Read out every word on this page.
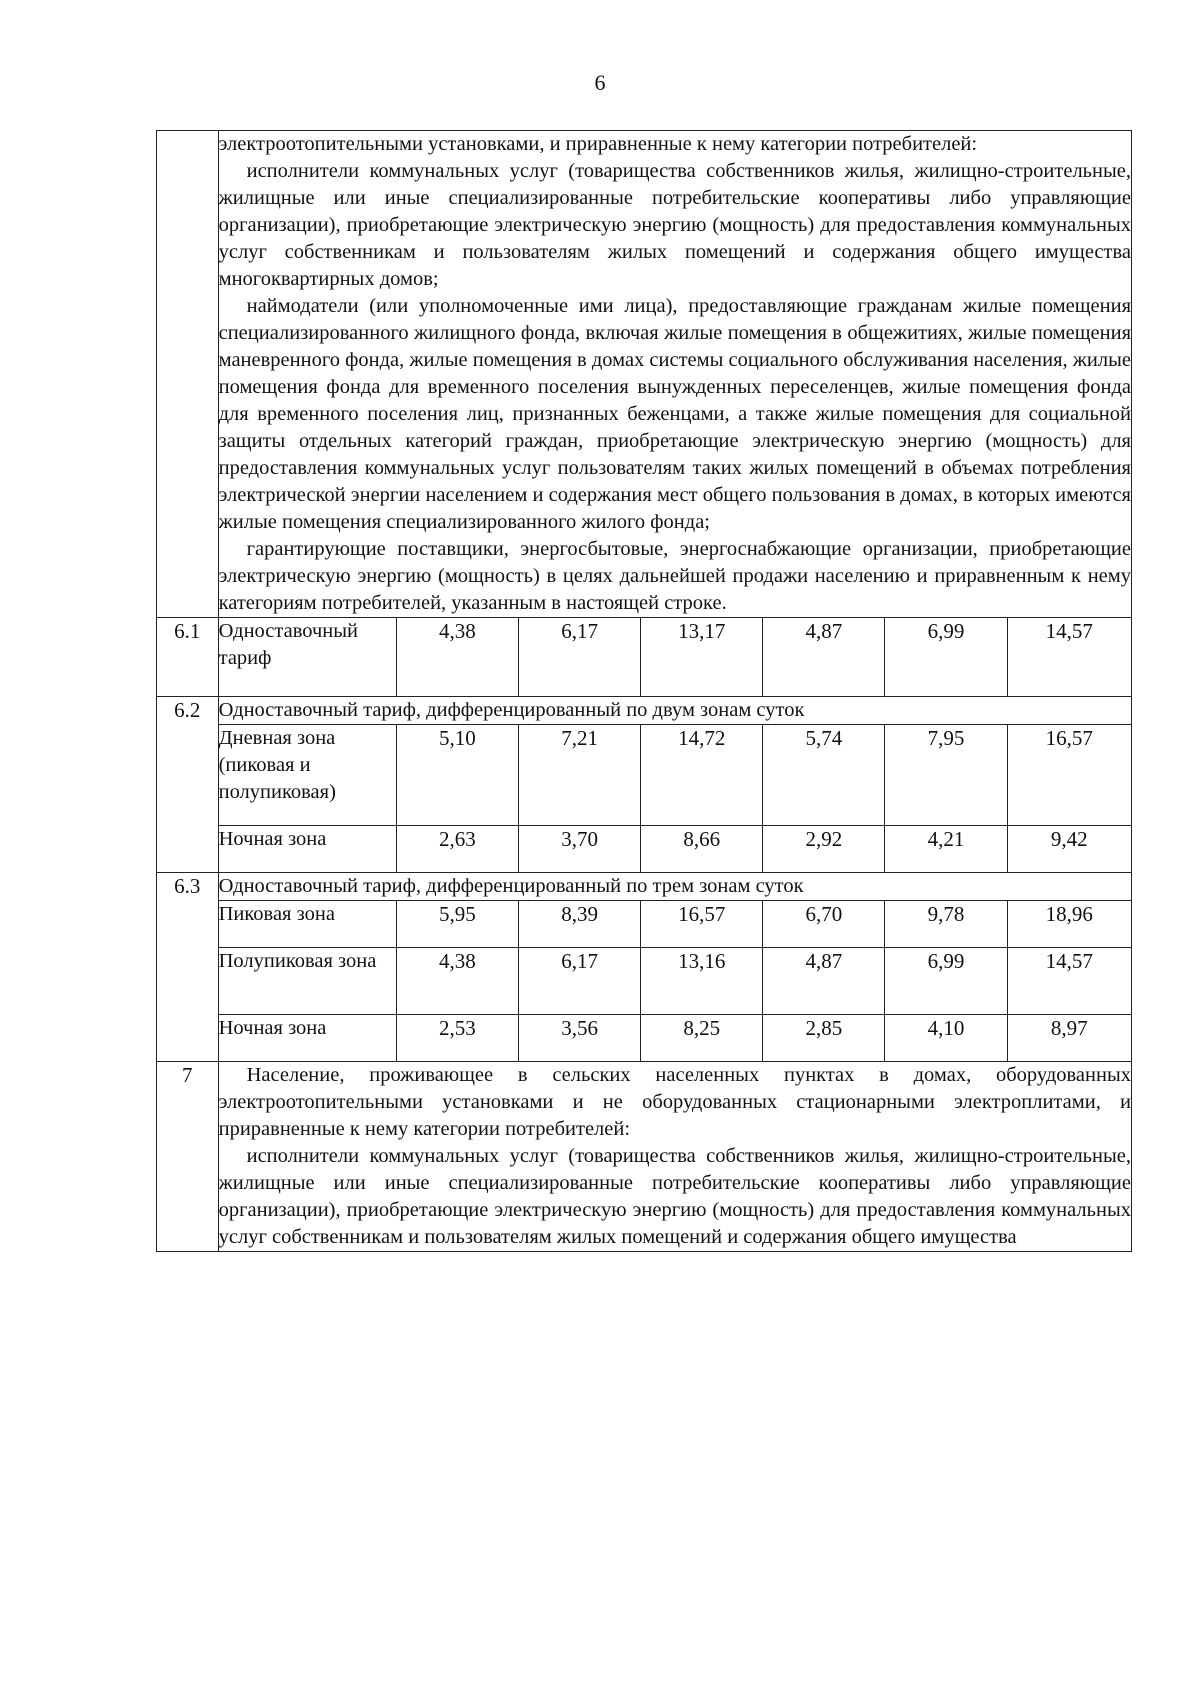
6

	электроотопительными установками, и приравненные к нему категории потребителей:

исполнители коммунальных услуг (товарищества собственников жилья, жилищно-строительные, жилищные или иные специализированные потребительские кооперативы либо управляющие организации), приобретающие электрическую энергию (мощность) для предоставления коммунальных услуг собственникам и пользователям жилых помещений и содержания общего имущества многоквартирных домов;

наймодатели (или уполномоченные ими лица), предоставляющие гражданам жилые помещения специализированного жилищного фонда, включая жилые помещения в общежитиях, жилые помещения маневренного фонда, жилые помещения в домах системы социального обслуживания населения, жилые помещения фонда для временного поселения вынужденных переселенцев, жилые помещения фонда для временного поселения лиц, признанных беженцами, а также жилые помещения для социальной защиты отдельных категорий граждан, приобретающие электрическую энергию (мощность) для предоставления коммунальных услуг пользователям таких жилых помещений в объемах потребления электрической энергии населением и содержания мест общего пользования в домах, в которых имеются жилые помещения специализированного жилого фонда;

гарантирующие поставщики, энергосбытовые, энергоснабжающие организации, приобретающие электрическую энергию (мощность) в целях дальнейшей продажи населению и приравненным к нему категориям потребителей, указанным в настоящей строке.						

6.1	Одноставочный тариф	4,38	6,17	13,17	4,87	6,99	14,57
6.2	Одноставочный тариф, дифференцированный по двум зонам суток						
	Дневная зона (пиковая и полупиковая)	5,10	7,21	14,72	5,74	7,95	16,57
	Ночная зона	2,63	3,70	8,66	2,92	4,21	9,42
6.3	Одноставочный тариф, дифференцированный по трем зонам суток						
	Пиковая зона	5,95	8,39	16,57	6,70	9,78	18,96
	Полупиковая зона	4,38	6,17	13,16	4,87	6,99	14,57
	Ночная зона	2,53	3,56	8,25	2,85	4,10	8,97
7	Население, проживающее в сельских населенных пунктах в домах, оборудованных электроотопительными установками и не оборудованных стационарными электроплитами, и приравненные к нему категории потребителей:

исполнители коммунальных услуг (товарищества собственников жилья, жилищно-строительные, жилищные или иные специализированные потребительские кооперативы либо управляющие организации), приобретающие электрическую энергию (мощность) для предоставления коммунальных услуг собственникам и пользователям жилых помещений и содержания общего имущества						
